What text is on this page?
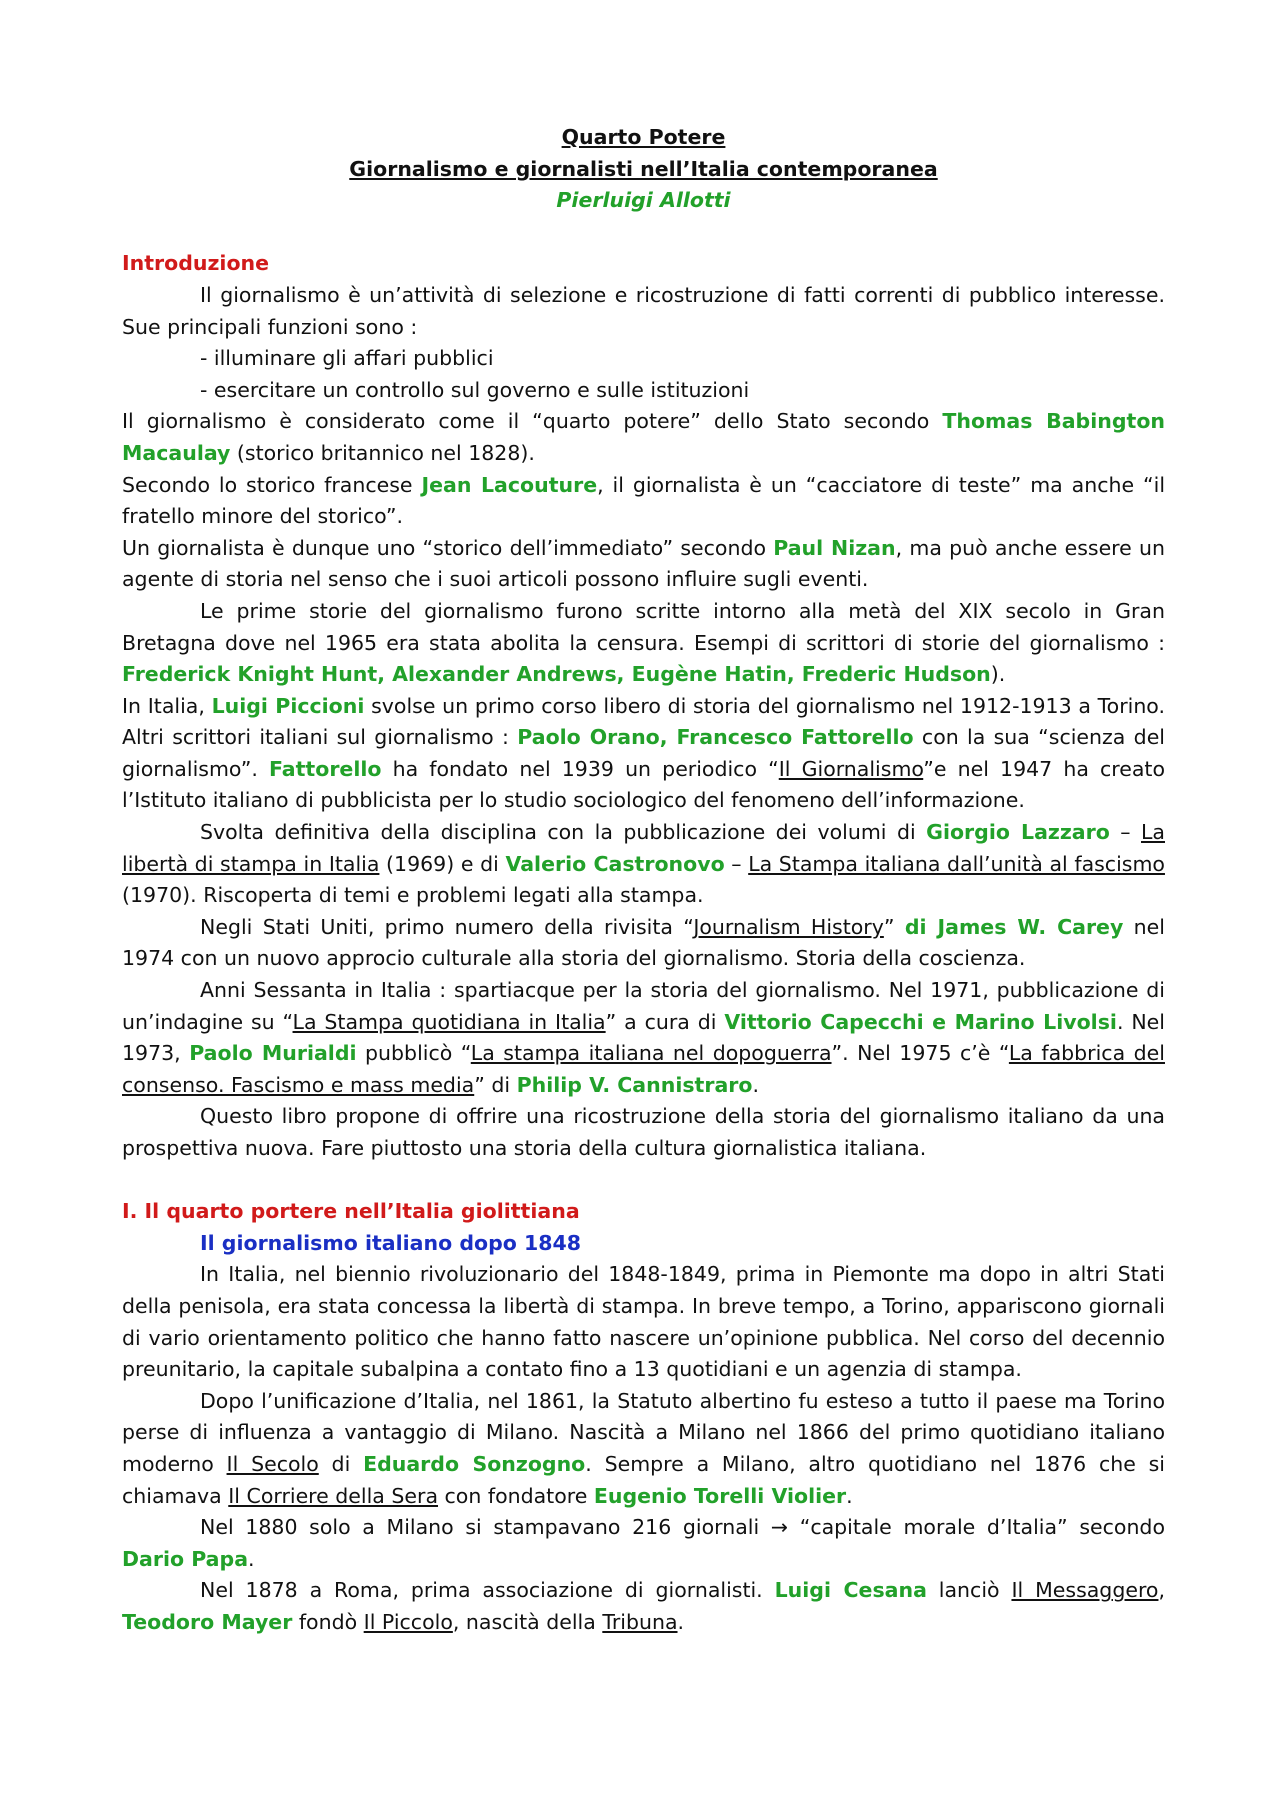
Quarto Potere
Giornalismo e giornalisti nell’Italia contemporanea
Pierluigi Allotti
Introduzione

Il giornalismo è un’attività di selezione e ricostruzione di fatti correnti di pubblico interesse. Sue principali funzioni sono :

- illuminare gli affari pubblici
- esercitare un controllo sul governo e sulle istituzioni

Il giornalismo è considerato come il “quarto potere” dello Stato secondo Thomas Babington Macaulay (storico britannico nel 1828).

Secondo lo storico francese Jean Lacouture, il giornalista è un “cacciatore di teste” ma anche “il fratello minore del storico”.

Un giornalista è dunque uno “storico dell’immediato” secondo Paul Nizan, ma può anche essere un agente di storia nel senso che i suoi articoli possono influire sugli eventi.

Le prime storie del giornalismo furono scritte intorno alla metà del XIX secolo in Gran Bretagna dove nel 1965 era stata abolita la censura. Esempi di scrittori di storie del giornalismo : Frederick Knight Hunt, Alexander Andrews, Eugène Hatin, Frederic Hudson).

In Italia, Luigi Piccioni svolse un primo corso libero di storia del giornalismo nel 1912-1913 a Torino. Altri scrittori italiani sul giornalismo : Paolo Orano, Francesco Fattorello con la sua “scienza del giornalismo”. Fattorello ha fondato nel 1939 un periodico “Il Giornalismo”e nel 1947 ha creato l’Istituto italiano di pubblicista per lo studio sociologico del fenomeno dell’informazione.

Svolta definitiva della disciplina con la pubblicazione dei volumi di Giorgio Lazzaro – La libertà di stampa in Italia (1969) e di Valerio Castronovo – La Stampa italiana dall’unità al fascismo (1970). Riscoperta di temi e problemi legati alla stampa.

Negli Stati Uniti, primo numero della rivisita “Journalism History” di James W. Carey nel 1974 con un nuovo approcio culturale alla storia del giornalismo. Storia della coscienza.

Anni Sessanta in Italia : spartiacque per la storia del giornalismo. Nel 1971, pubblicazione di un’indagine su “La Stampa quotidiana in Italia” a cura di Vittorio Capecchi e Marino Livolsi. Nel 1973, Paolo Murialdi pubblicò “La stampa italiana nel dopoguerra”. Nel 1975 c’è “La fabbrica del consenso. Fascismo e mass media” di Philip V. Cannistraro.

Questo libro propone di offrire una ricostruzione della storia del giornalismo italiano da una prospettiva nuova. Fare piuttosto una storia della cultura giornalistica italiana.

I. Il quarto portere nell’Italia giolittiana
Il giornalismo italiano dopo 1848

In Italia, nel biennio rivoluzionario del 1848-1849, prima in Piemonte ma dopo in altri Stati della penisola, era stata concessa la libertà di stampa. In breve tempo, a Torino, appariscono giornali di vario orientamento politico che hanno fatto nascere un’opinione pubblica. Nel corso del decennio preunitario, la capitale subalpina a contato fino a 13 quotidiani e un agenzia di stampa.

Dopo l’unificazione d’Italia, nel 1861, la Statuto albertino fu esteso a tutto il paese ma Torino perse di influenza a vantaggio di Milano. Nascità a Milano nel 1866 del primo quotidiano italiano moderno Il Secolo di Eduardo Sonzogno. Sempre a Milano, altro quotidiano nel 1876 che si chiamava Il Corriere della Sera con fondatore Eugenio Torelli Violier.

Nel 1880 solo a Milano si stampavano 216 giornali → “capitale morale d’Italia” secondo Dario Papa.

Nel 1878 a Roma, prima associazione di giornalisti. Luigi Cesana lanciò Il Messaggero, Teodoro Mayer fondò Il Piccolo, nascità della Tribuna.
